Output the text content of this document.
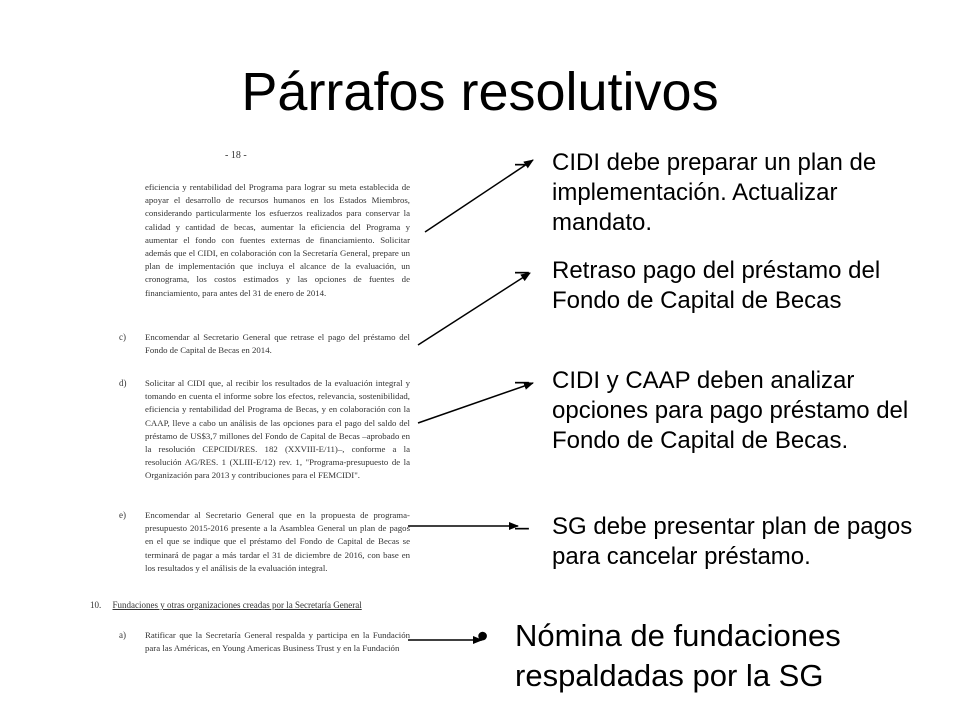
Párrafos resolutivos
- 18 -
eficiencia y rentabilidad del Programa para lograr su meta establecida de apoyar el desarrollo de recursos humanos en los Estados Miembros, considerando particularmente los esfuerzos realizados para conservar la calidad y cantidad de becas, aumentar la eficiencia del Programa y aumentar el fondo con fuentes externas de financiamiento. Solicitar además que el CIDI, en colaboración con la Secretaría General, prepare un plan de implementación que incluya el alcance de la evaluación, un cronograma, los costos estimados y las opciones de fuentes de financiamiento, para antes del 31 de enero de 2014.
c) Encomendar al Secretario General que retrase el pago del préstamo del Fondo de Capital de Becas en 2014.
d) Solicitar al CIDI que, al recibir los resultados de la evaluación integral y tomando en cuenta el informe sobre los efectos, relevancia, sostenibilidad, eficiencia y rentabilidad del Programa de Becas, y en colaboración con la CAAP, lleve a cabo un análisis de las opciones para el pago del saldo del préstamo de US$3,7 millones del Fondo de Capital de Becas –aprobado en la resolución CEPCIDI/RES. 182 (XXVIII-E/11)–, conforme a la resolución AG/RES. 1 (XLIII-E/12) rev. 1, "Programa-presupuesto de la Organización para 2013 y contribuciones para el FEMCIDI".
e) Encomendar al Secretario General que en la propuesta de programa-presupuesto 2015-2016 presente a la Asamblea General un plan de pagos en el que se indique que el préstamo del Fondo de Capital de Becas se terminará de pagar a más tardar el 31 de diciembre de 2016, con base en los resultados y el análisis de la evaluación integral.
10. Fundaciones y otras organizaciones creadas por la Secretaría General
a) Ratificar que la Secretaría General respalda y participa en la Fundación para las Américas, en Young Americas Business Trust y en la Fundación
– CIDI debe preparar un plan de implementación. Actualizar mandato.
– Retraso pago del préstamo del Fondo de Capital de Becas
– CIDI y CAAP deben analizar opciones para pago préstamo del Fondo de Capital de Becas.
– SG debe presentar plan de pagos para cancelar préstamo.
• Nómina de fundaciones respaldadas por la SG
